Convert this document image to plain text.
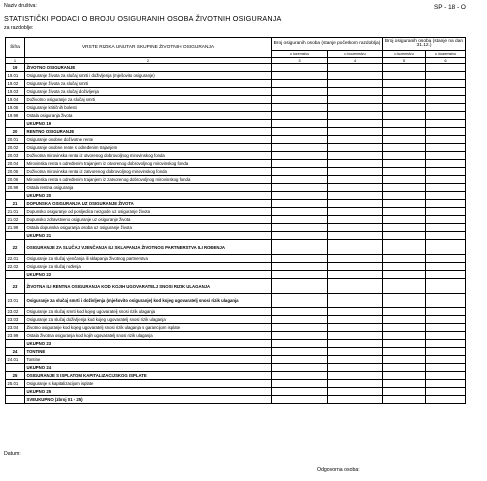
Naziv društva:
STATISTIČKI PODACI O BROJU OSIGURANIH OSOBA ŽIVOTNIH OSIGURANJA
SP - 18 - O
za razdoblje:
Šifra	VRSTE RIZIKA UNUTAR SKUPINE ŽIVOTNIH OSIGURANJA	Broj osiguranih osoba (stanje početkom razdoblja)		Broj osiguranih osoba (stanje na dan 31.12.)	
		u tuzemstvu	u inozemstvu	u tuzemstvu	u inozemstvu
1	2	3	4	5	6
19	ŽIVOTNO OSIGURANJE				
19.01	Osiguranje života za slučaj smrti i doživljenja (mješovito osiguranje)				
19.02	Osiguranje života za slučaj smrti				
19.03	Osiguranje života za slučaj doživljenja				
19.04	Doživotno osiguranje za slučaj smrti				
19.05	Osiguranje kritičnih bolesti				
19.99	Ostala osiguranja života				
	UKUPNO 19				
20	RENTNO OSIGURANJE				
20.01	Osiguranje osobne doživotne rente				
20.02	Osiguranje osobne rente s određenim trajanjem				
20.03	Doživotna mirovinska renta iz otvorenog dobrovoljnog mirovinskog fonda				
20.04	Mirovinska renta s određenim trajanjem iz otvorenog dobrovoljnog mirovinskog fonda				
20.05	Doživotna mirovinska renta iz zatvorenog dobrovoljnog mirovinskog fonda				
20.06	Mirovinska renta s određenim trajanjem iz zatvorenog dobrovoljnog mirovinskog fonda				
20.99	Ostala rentna osiguranja				
	UKUPNO 20				
21	DOPUNSKA OSIGURANJA UZ OSIGURANJE ŽIVOTA				
21.01	Dopunsko osiguranje od posljedica nezgode uz osiguranje života				
21.02	Dopunsko zdravstveno osiguranje uz osiguranje života				
21.99	Ostala dopunska osiguranja osoba uz osiguranje života				
	UKUPNO 21				
22	OSIGURANJE ZA SLUČAJ VJENČANJA ILI SKLAPANJA ŽIVOTNOG PARTNERSTVA ILI ROĐENJA				
22.01	Osiguranje za slučaj vjenčanja ili sklapanja životnog partnerstva				
22.02	Osiguranje za slučaj rođenja				
	UKUPNO 22				
23	ŽIVOTNA ILI RENTNA OSIGURANJA KOD KOJIH UGOVARATELJ SNOSI RIZIK ULAGANJA				
23.01	Osiguranje za slučaj smrti i doživljenja (mješovito osiguranje) kod kojeg ugovaratelj snosi rizik ulaganja				
23.02	Osiguranje za slučaj smrti kod kojeg ugovaratelj snosi rizik ulaganja				
23.03	Osiguranje za slučaj doživljenja kod kojeg ugovaratelj snosi rizik ulaganja				
23.04	Životno osiguranje kod kojeg ugovaratelj snosi rizik ulaganja s garancijom isplate				
23.99	Ostala životna osiguranja kod kojih ugovaratelj snosi rizik ulaganja				
	UKUPNO 23				
24	TONTINE				
24.01	Tontine				
	UKUPNO 24				
25	OSIGURANJE S ISPLATOM KAPITALIZACIJSKOG ISPLATE				
25.01	Osiguranje s kapitalizacijom isplate				
	UKUPNO 25				
	SVEUKUPNO (zbroj 01 - 25)				
Datum:
Odgovorna osoba:
